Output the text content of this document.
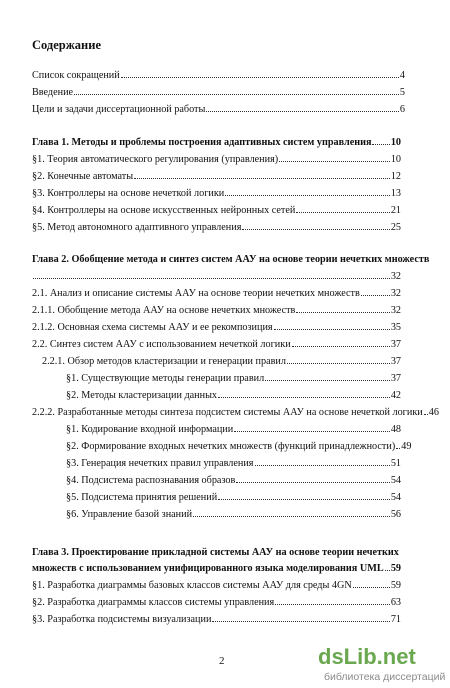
Содержание
Список сокращений	4
Введение	5
Цели и задачи диссертационной работы	6
Глава 1. Методы и проблемы построения адаптивных систем управления 10
§1. Теория автоматического регулирования (управления)	10
§2. Конечные автоматы	12
§3. Контроллеры на основе нечеткой логики	13
§4. Контроллеры на основе искусственных нейронных сетей	21
§5. Метод автономного адаптивного управления	25
Глава 2. Обобщение метода и синтез систем ААУ на основе теории нечетких множеств
32
2.1. Анализ и описание системы ААУ на основе теории нечетких множеств	32
2.1.1. Обобщение метода ААУ на основе нечетких множеств	32
2.1.2. Основная схема системы ААУ и ее рекомпозиция	35
2.2. Синтез систем ААУ с использованием нечеткой логики	37
2.2.1. Обзор методов кластеризации и генерации правил	37
§1. Существующие методы генерации правил	37
§2. Методы кластеризации данных	42
2.2.2. Разработанные методы синтеза подсистем системы ААУ на основе нечеткой логики 46
§1. Кодирование входной информации	48
§2. Формирование входных нечетких множеств (функций принадлежности) 49
§3. Генерация нечетких правил управления	51
§4. Подсистема распознавания образов	54
§5. Подсистема принятия решений	54
§6. Управление базой знаний	56
Глава 3. Проектирование прикладной системы ААУ на основе теории нечетких
множеств с использованием унифицированного языка моделирования UML 59
§1. Разработка диаграммы базовых классов системы ААУ для среды 4GN	59
§2. Разработка диаграммы классов системы управления	63
§3. Разработка подсистемы визуализации	71
2	dsLib.net
библиотека диссертаций
